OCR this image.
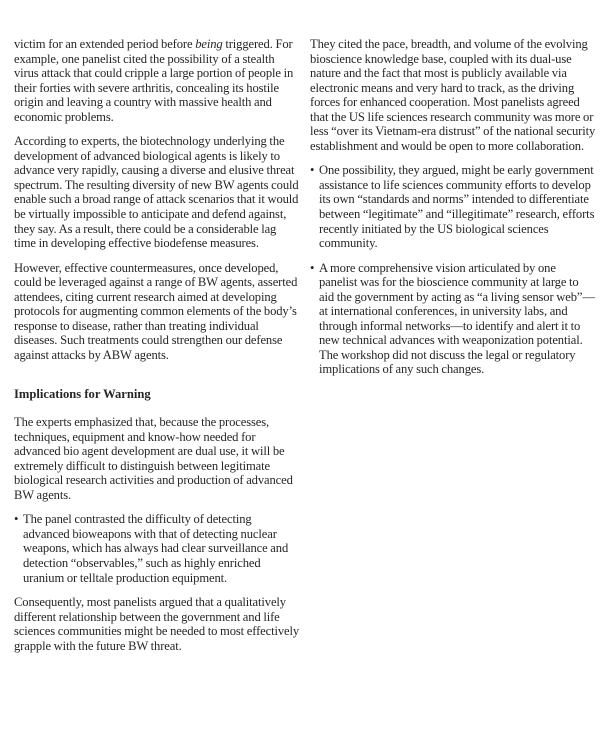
victim for an extended period before being triggered. For example, one panelist cited the possibility of a stealth virus attack that could cripple a large portion of people in their forties with severe arthritis, concealing its hostile origin and leaving a country with massive health and economic problems.

According to experts, the biotechnology underlying the development of advanced biological agents is likely to advance very rapidly, causing a diverse and elusive threat spectrum. The resulting diversity of new BW agents could enable such a broad range of attack scenarios that it would be virtually impossible to anticipate and defend against, they say. As a result, there could be a considerable lag time in developing effective biodefense measures.

However, effective countermeasures, once developed, could be leveraged against a range of BW agents, asserted attendees, citing current research aimed at developing protocols for augmenting common elements of the body’s response to disease, rather than treating individual diseases. Such treatments could strengthen our defense against attacks by ABW agents.

Implications for Warning

The experts emphasized that, because the processes, techniques, equipment and know-how needed for advanced bio agent development are dual use, it will be extremely difficult to distinguish between legitimate biological research activities and production of advanced BW agents.

• The panel contrasted the difficulty of detecting advanced bioweapons with that of detecting nuclear weapons, which has always had clear surveillance and detection “observables,” such as highly enriched uranium or telltale production equipment.

Consequently, most panelists argued that a qualitatively different relationship between the government and life sciences communities might be needed to most effectively grapple with the future BW threat.

They cited the pace, breadth, and volume of the evolving bioscience knowledge base, coupled with its dual-use nature and the fact that most is publicly available via electronic means and very hard to track, as the driving forces for enhanced cooperation. Most panelists agreed that the US life sciences research community was more or less “over its Vietnam-era distrust” of the national security establishment and would be open to more collaboration.

• One possibility, they argued, might be early government assistance to life sciences community efforts to develop its own “standards and norms” intended to differentiate between “legitimate” and “illegitimate” research, efforts recently initiated by the US biological sciences community.
• A more comprehensive vision articulated by one panelist was for the bioscience community at large to aid the government by acting as “a living sensor web”—at international conferences, in university labs, and through informal networks—to identify and alert it to new technical advances with weaponization potential. The workshop did not discuss the legal or regulatory implications of any such changes.
